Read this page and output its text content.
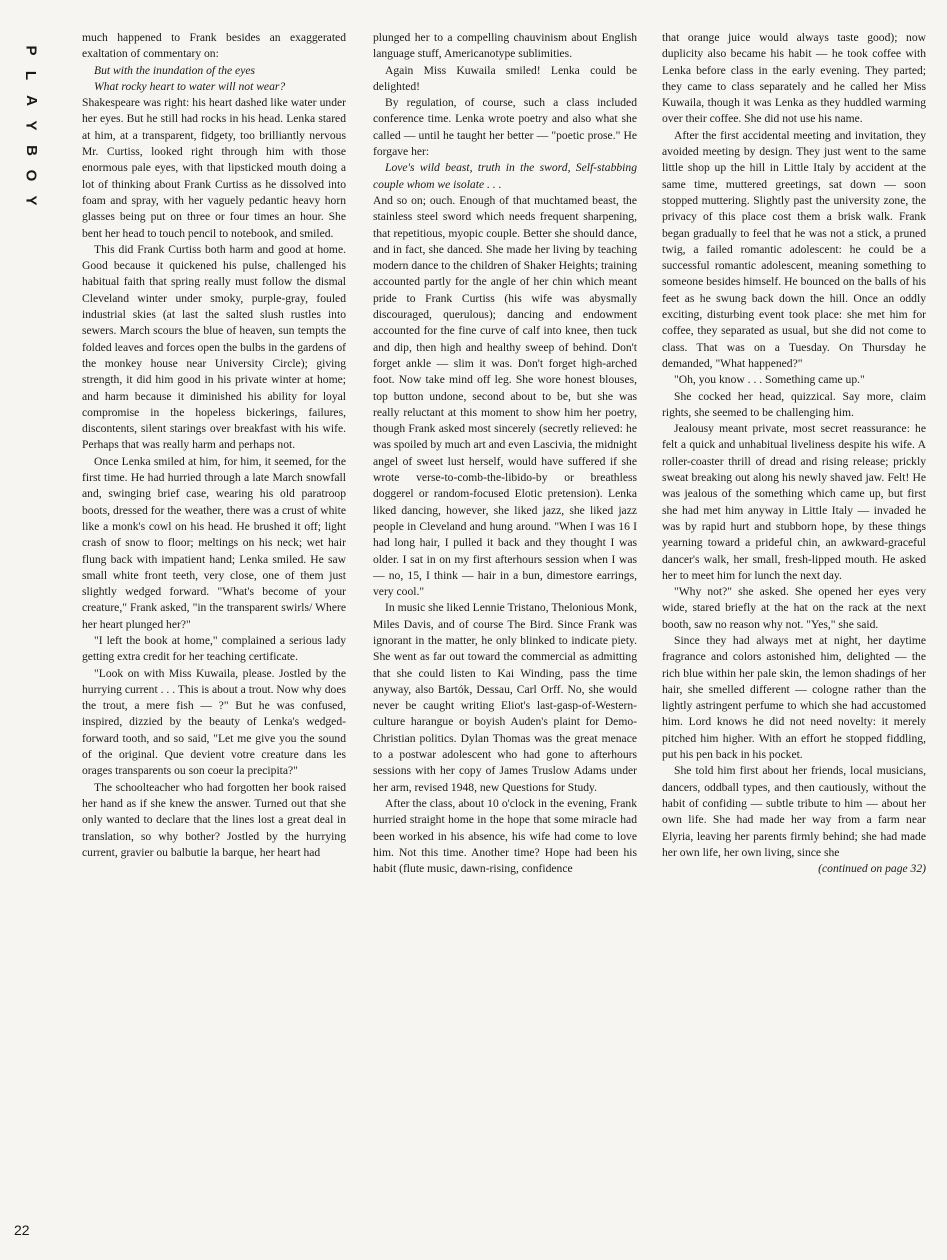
P
L
A
Y
B
O
Y
22

much happened to Frank besides an exaggerated exaltation of commentary on:

But with the inundation of the eyes

What rocky heart to water will not wear?

Shakespeare was right: his heart dashed like water under her eyes. But he still had rocks in his head. Lenka stared at him, at a transparent, fidgety, too brilliantly nervous Mr. Curtiss, looked right through him with those enormous pale eyes, with that lipsticked mouth doing a lot of thinking about Frank Curtiss as he dissolved into foam and spray, with her vaguely pedantic heavy horn glasses being put on three or four times an hour. She bent her head to touch pencil to notebook, and smiled.

This did Frank Curtiss both harm and good at home. Good because it quickened his pulse, challenged his habitual faith that spring really must follow the dismal Cleveland winter under smoky, purple-gray, fouled industrial skies (at last the salted slush rustles into sewers. March scours the blue of heaven, sun tempts the folded leaves and forces open the bulbs in the gardens of the monkey house near University Circle); giving strength, it did him good in his private winter at home; and harm because it diminished his ability for loyal compromise in the hopeless bickerings, failures, discontents, silent starings over breakfast with his wife. Perhaps that was really harm and perhaps not.

Once Lenka smiled at him, for him, it seemed, for the first time. He had hurried through a late March snowfall and, swinging brief case, wearing his old paratroop boots, dressed for the weather, there was a crust of white like a monk's cowl on his head. He brushed it off; light crash of snow to floor; meltings on his neck; wet hair flung back with impatient hand; Lenka smiled. He saw small white front teeth, very close, one of them just slightly wedged forward. "What's become of your creature," Frank asked, "in the transparent swirls/ Where her heart plunged her?"

"I left the book at home," complained a serious lady getting extra credit for her teaching certificate.

"Look on with Miss Kuwaila, please. Jostled by the hurrying current . . . This is about a trout. Now why does the trout, a mere fish — ?" But he was confused, inspired, dizzied by the beauty of Lenka's wedged-forward tooth, and so said, "Let me give you the sound of the original. Que devient votre creature dans les orages transparents ou son coeur la precipita?"

The schoolteacher who had forgotten her book raised her hand as if she knew the answer. Turned out that she only wanted to declare that the lines lost a great deal in translation, so why bother? Jostled by the hurrying current, gravier ou balbutie la barque, her heart had

plunged her to a compelling chauvinism about English language stuff, Americanotype sublimities.

Again Miss Kuwaila smiled! Lenka could be delighted!

By regulation, of course, such a class included conference time. Lenka wrote poetry and also what she called — until he taught her better — "poetic prose." He forgave her:

Love's wild beast, truth in the sword, Self-stabbing couple whom we isolate . . .

And so on; ouch. Enough of that muchtamed beast, the stainless steel sword which needs frequent sharpening, that repetitious, myopic couple. Better she should dance, and in fact, she danced. She made her living by teaching modern dance to the children of Shaker Heights; training accounted partly for the angle of her chin which meant pride to Frank Curtiss (his wife was abysmally discouraged, querulous); dancing and endowment accounted for the fine curve of calf into knee, then tuck and dip, then high and healthy sweep of behind. Don't forget ankle — slim it was. Don't forget high-arched foot. Now take mind off leg. She wore honest blouses, top button undone, second about to be, but she was really reluctant at this moment to show him her poetry, though Frank asked most sincerely (secretly relieved: he was spoiled by much art and even Lascivia, the midnight angel of sweet lust herself, would have suffered if she wrote verse-to-comb-the-libido-by or breathless doggerel or random-focused Elotic pretension). Lenka liked dancing, however, she liked jazz, she liked jazz people in Cleveland and hung around. "When I was 16 I had long hair, I pulled it back and they thought I was older. I sat in on my first afterhours session when I was — no, 15, I think — hair in a bun, dimestore earrings, very cool."

In music she liked Lennie Tristano, Thelonious Monk, Miles Davis, and of course The Bird. Since Frank was ignorant in the matter, he only blinked to indicate piety. She went as far out toward the commercial as admitting that she could listen to Kai Winding, pass the time anyway, also Bartók, Dessau, Carl Orff. No, she would never be caught writing Eliot's last-gasp-of-Western-culture harangue or boyish Auden's plaint for Demo-Christian politics. Dylan Thomas was the great menace to a postwar adolescent who had gone to afterhours sessions with her copy of James Truslow Adams under her arm, revised 1948, new Questions for Study.

After the class, about 10 o'clock in the evening, Frank hurried straight home in the hope that some miracle had been worked in his absence, his wife had come to love him. Not this time. Another time? Hope had been his habit (flute music, dawn-rising, confidence

that orange juice would always taste good); now duplicity also became his habit — he took coffee with Lenka before class in the early evening. They parted; they came to class separately and he called her Miss Kuwaila, though it was Lenka as they huddled warming over their coffee. She did not use his name.

After the first accidental meeting and invitation, they avoided meeting by design. They just went to the same little shop up the hill in Little Italy by accident at the same time, muttered greetings, sat down — soon stopped muttering. Slightly past the university zone, the privacy of this place cost them a brisk walk. Frank began gradually to feel that he was not a stick, a pruned twig, a failed romantic adolescent: he could be a successful romantic adolescent, meaning something to someone besides himself. He bounced on the balls of his feet as he swung back down the hill. Once an oddly exciting, disturbing event took place: she met him for coffee, they separated as usual, but she did not come to class. That was on a Tuesday. On Thursday he demanded, "What happened?"

"Oh, you know . . . Something came up."

She cocked her head, quizzical. Say more, claim rights, she seemed to be challenging him.

Jealousy meant private, most secret reassurance: he felt a quick and unhabitual liveliness despite his wife. A roller-coaster thrill of dread and rising release; prickly sweat breaking out along his newly shaved jaw. Felt! He was jealous of the something which came up, but first she had met him anyway in Little Italy — invaded he was by rapid hurt and stubborn hope, by these things yearning toward a prideful chin, an awkward-graceful dancer's walk, her small, fresh-lipped mouth. He asked her to meet him for lunch the next day.

"Why not?" she asked. She opened her eyes very wide, stared briefly at the hat on the rack at the next booth, saw no reason why not. "Yes," she said.

Since they had always met at night, her daytime fragrance and colors astonished him, delighted — the rich blue within her pale skin, the lemon shadings of her hair, she smelled different — cologne rather than the lightly astringent perfume to which she had accustomed him. Lord knows he did not need novelty: it merely pitched him higher. With an effort he stopped fiddling, put his pen back in his pocket.

She told him first about her friends, local musicians, dancers, oddball types, and then cautiously, without the habit of confiding — subtle tribute to him — about her own life. She had made her way from a farm near Elyria, leaving her parents firmly behind; she had made her own life, her own living, since she

(continued on page 32)
